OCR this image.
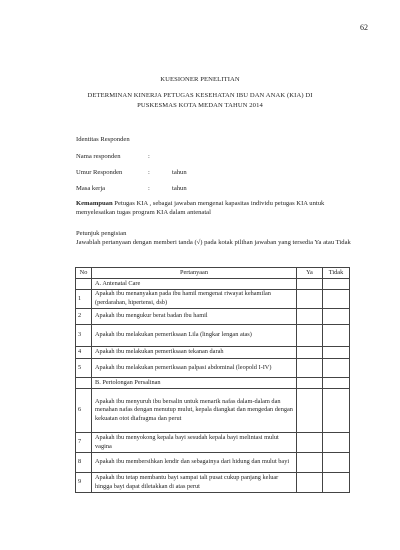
62
KUESIONER PENELITIAN
DETERMINAN KINERJA PETUGAS KESEHATAN IBU DAN ANAK (KIA) DI
PUSKESMAS KOTA MEDAN TAHUN 2014
Identitas Responden
Nama responden	:
Umur Responden	:	tahun
Masa kerja	:	tahun
Kemampuan Petugas KIA , sebagai jawaban mengenai kapasitas individu petugas KIA untuk menyelesaikan tugas program KIA dalam antenatal
Petunjuk pengisian
Jawablah pertanyaan dengan memberi tanda (√) pada kotak pilihan jawaban yang tersedia Ya atau Tidak
No	Pertanyaan	Ya	Tidak
	A. Antenatal Care		
1	Apakah ibu menanyakan pada ibu hamil mengenai riwayat kehamilan (perdarahan, hipertensi, dsb)		
2	Apakah ibu mengukur berat badan ibu hamil		
3	Apakah ibu melakukan pemeriksaan Lila (lingkar lengan atas)		
4	Apakah ibu melakukan pemeriksaan tekanan darah		
5	Apakah ibu melakukan pemeriksaan palpasi abdominal (leopold I-IV)		
	B. Pertolongan Persalinan		
6	Apakah ibu menyuruh ibu bersalin untuk menarik nafas dalam-dalam dan menahan nafas dengan menutup mulut, kepala diangkat dan mengedan dengan kekuatan otot diafragma dan perut		
7	Apakah ibu menyokong kepala bayi sesudah kepala bayi melintasi mulut vagina		
8	Apakah ibu membersihkan lendir dan sebagainya dari hidung dan mulut bayi		
9	Apakah ibu tetap membantu bayi sampai tali pusat cukup panjang keluar hingga bayi dapat diletakkan di atas perut		
